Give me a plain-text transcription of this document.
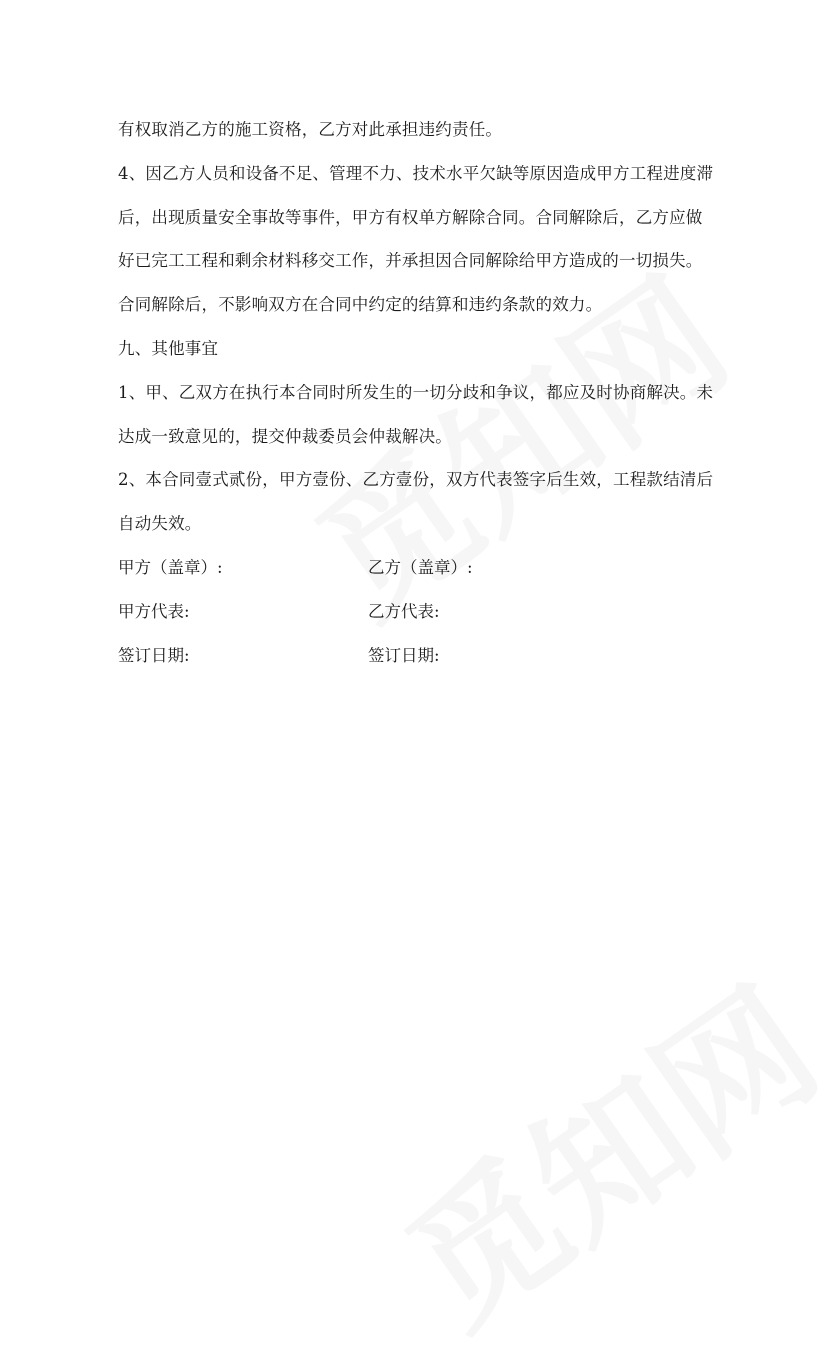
有权取消乙方的施工资格，乙方对此承担违约责任。

4、因乙方人员和设备不足、管理不力、技术水平欠缺等原因造成甲方工程进度滞后，出现质量安全事故等事件，甲方有权单方解除合同。合同解除后，乙方应做好已完工工程和剩余材料移交工作，并承担因合同解除给甲方造成的一切损失。合同解除后，不影响双方在合同中约定的结算和违约条款的效力。

九、其他事宜

1、甲、乙双方在执行本合同时所发生的一切分歧和争议，都应及时协商解决。未达成一致意见的，提交仲裁委员会仲裁解决。

2、本合同壹式贰份，甲方壹份、乙方壹份，双方代表签字后生效，工程款结清后自动失效。

甲方（盖章）:	乙方（盖章）:
甲方代表:	乙方代表:
签订日期:	签订日期:
